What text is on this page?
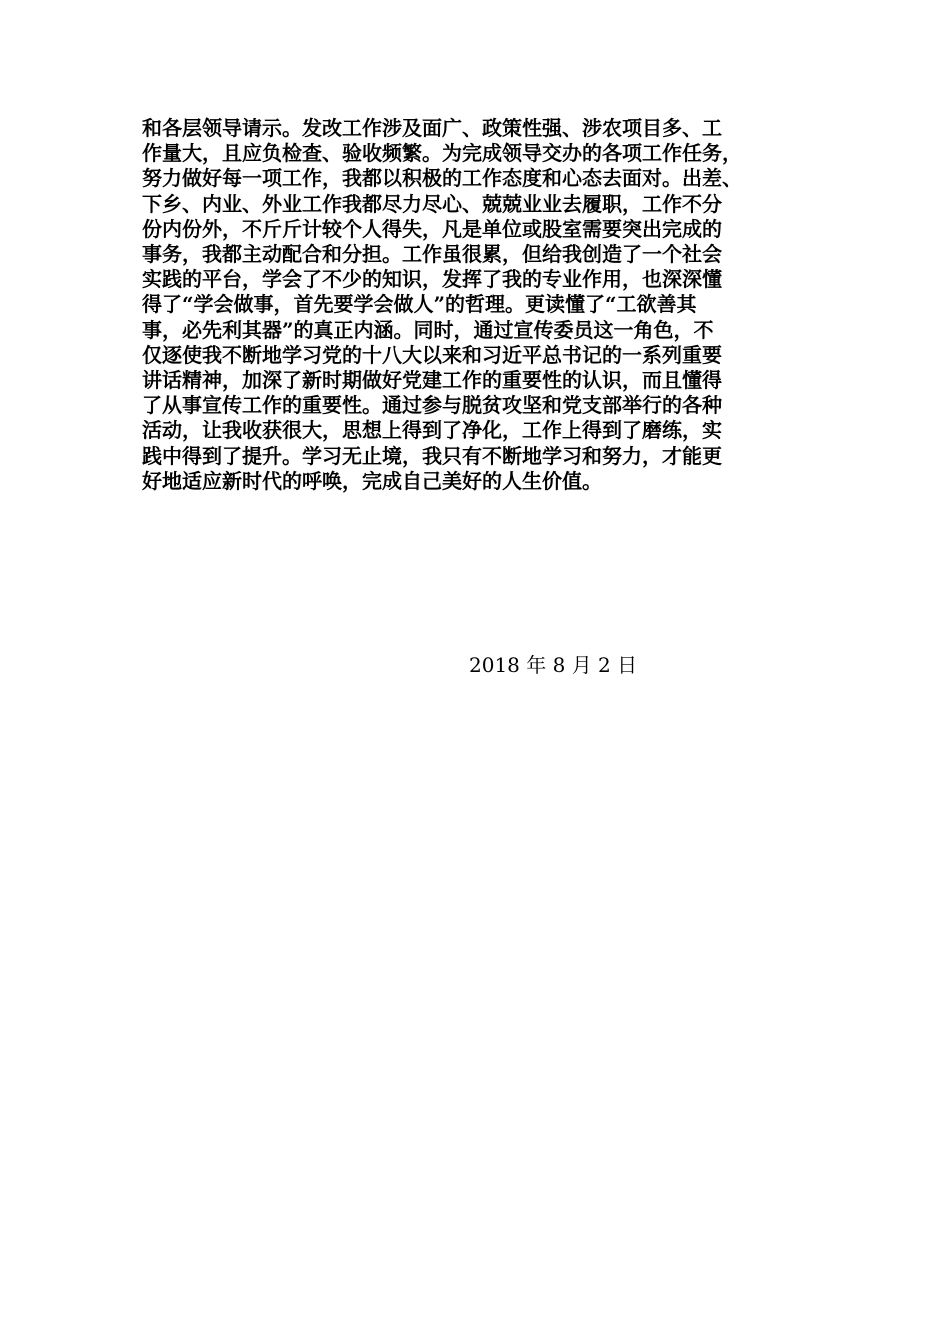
和各层领导请示。发改工作涉及面广、政策性强、涉农项目多、工
作量大，且应负检查、验收频繁。为完成领导交办的各项工作任务，
努力做好每一项工作，我都以积极的工作态度和心态去面对。出差、
下乡、内业、外业工作我都尽力尽心、兢兢业业去履职，工作不分
份内份外，不斤斤计较个人得失，凡是单位或股室需要突出完成的
事务，我都主动配合和分担。工作虽很累，但给我创造了一个社会
实践的平台，学会了不少的知识，发挥了我的专业作用，也深深懂
得了“学会做事，首先要学会做人”的哲理。更读懂了“工欲善其
事，必先利其器”的真正内涵。同时，通过宣传委员这一角色，不
仅逐使我不断地学习党的十八大以来和习近平总书记的一系列重要
讲话精神，加深了新时期做好党建工作的重要性的认识，而且懂得
了从事宣传工作的重要性。通过参与脱贫攻坚和党支部举行的各种
活动，让我收获很大，思想上得到了净化，工作上得到了磨练，实
践中得到了提升。学习无止境，我只有不断地学习和努力，才能更
好地适应新时代的呼唤，完成自己美好的人生价值。
2018 年 8 月 2 日
